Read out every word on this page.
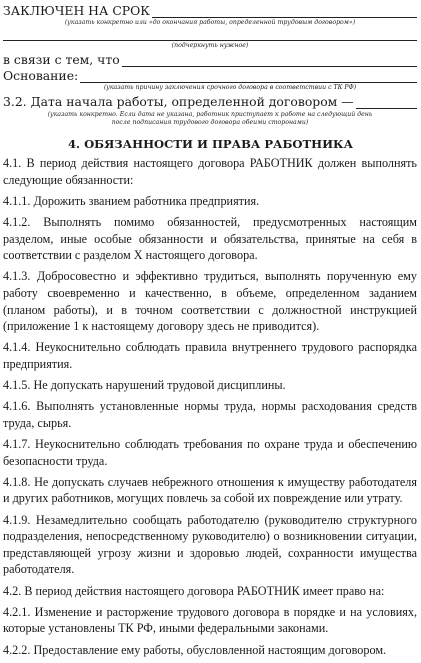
ЗАКЛЮЧЕН НА СРОК
(указать конкретно или «до окончания работы, определенной трудовым договором»)
(подчеркнуть нужное)
в связи с тем, что
Основание:
(указать причину заключения срочного договора в соответствии с ТК РФ)
3.2. Дата начала работы, определенной договором —
(указать конкретно. Если дата не указана, работник приступает к работе на следующий день
после подписания трудового договора обеими сторонами)
4. ОБЯЗАННОСТИ И ПРАВА РАБОТНИКА

4.1. В период действия настоящего договора РАБОТНИК должен выполнять следующие обязанности:

4.1.1. Дорожить званием работника предприятия.

4.1.2. Выполнять помимо обязанностей, предусмотренных настоящим разделом, иные особые обязанности и обязательства, принятые на себя в соответствии с разделом Х настоящего договора.

4.1.3. Добросовестно и эффективно трудиться, выполнять порученную ему работу своевременно и качественно, в объеме, определенном заданием (планом работы), и в точном соответствии с должностной инструкцией (приложение 1 к настоящему договору здесь не приводится).

4.1.4. Неукоснительно соблюдать правила внутреннего трудового распорядка предприятия.

4.1.5. Не допускать нарушений трудовой дисциплины.

4.1.6. Выполнять установленные нормы труда, нормы расходования средств труда, сырья.

4.1.7. Неукоснительно соблюдать требования по охране труда и обеспечению безопасности труда.

4.1.8. Не допускать случаев небрежного отношения к имуществу работодателя и других работников, могущих повлечь за собой их повреждение или утрату.

4.1.9. Незамедлительно сообщать работодателю (руководителю структурного подразделения, непосредственному руководителю) о возникновении ситуации, представляющей угрозу жизни и здоровью людей, сохранности имущества работодателя.

4.2. В период действия настоящего договора РАБОТНИК имеет право на:

4.2.1. Изменение и расторжение трудового договора в порядке и на условиях, которые установлены ТК РФ, иными федеральными законами.

4.2.2. Предоставление ему работы, обусловленной настоящим договором.
